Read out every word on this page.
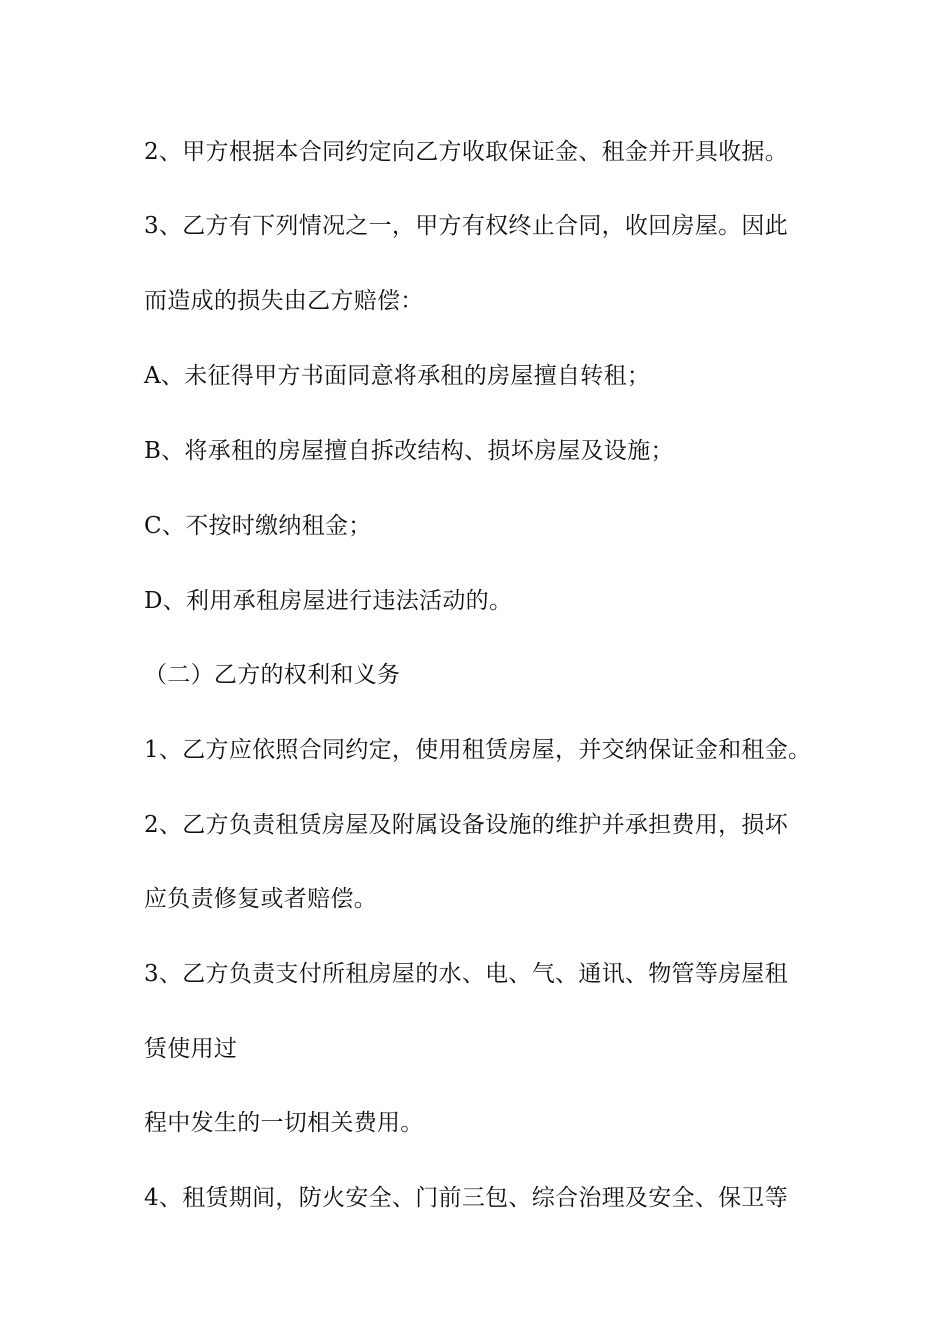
2、甲方根据本合同约定向乙方收取保证金、租金并开具收据。

3、乙方有下列情况之一，甲方有权终止合同，收回房屋。因此

而造成的损失由乙方赔偿：

A、未征得甲方书面同意将承租的房屋擅自转租；

B、将承租的房屋擅自拆改结构、损坏房屋及设施；

C、不按时缴纳租金；

D、利用承租房屋进行违法活动的。

（二）乙方的权利和义务

1、乙方应依照合同约定，使用租赁房屋，并交纳保证金和租金。

2、乙方负责租赁房屋及附属设备设施的维护并承担费用，损坏

应负责修复或者赔偿。

3、乙方负责支付所租房屋的水、电、气、通讯、物管等房屋租

赁使用过

程中发生的一切相关费用。

4、租赁期间，防火安全、门前三包、综合治理及安全、保卫等
